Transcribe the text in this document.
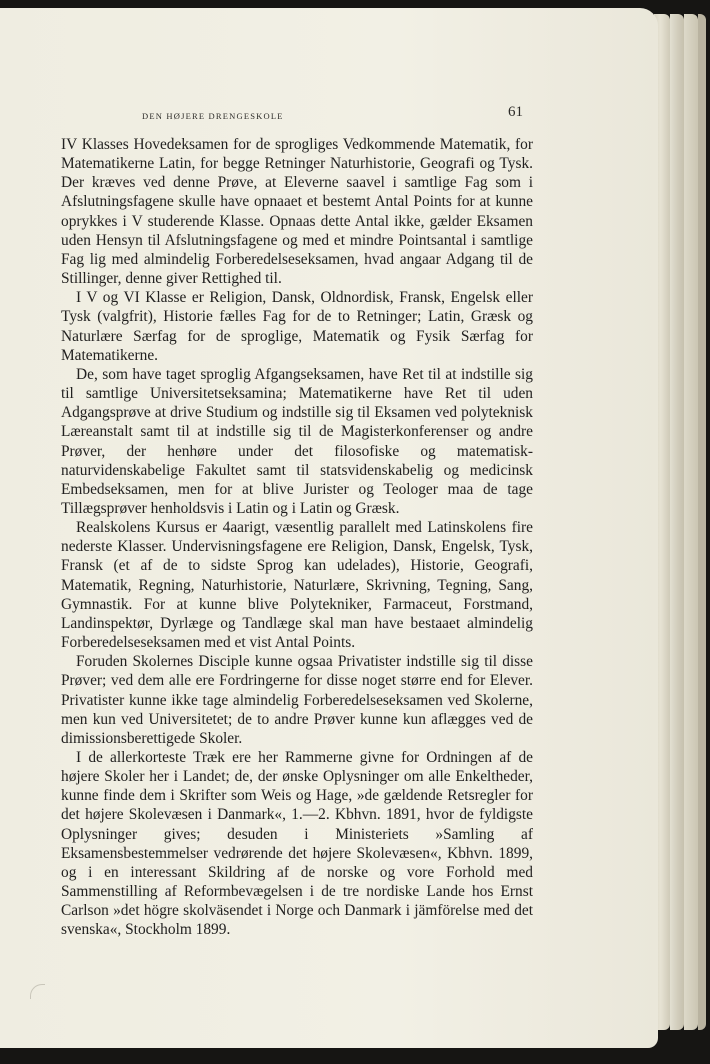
DEN HØJERE DRENGESKOLE	61

IV Klasses Hovedeksamen for de sprogliges Vedkommende Matematik, for Matematikerne Latin, for begge Retninger Naturhistorie, Geografi og Tysk. Der kræves ved denne Prøve, at Eleverne saavel i samtlige Fag som i Afslutningsfagene skulle have opnaaet et bestemt Antal Points for at kunne oprykkes i V studerende Klasse. Opnaas dette Antal ikke, gælder Eksamen uden Hensyn til Afslutningsfagene og med et mindre Pointsantal i samtlige Fag lig med almindelig Forberedelseseksamen, hvad angaar Adgang til de Stillinger, denne giver Rettighed til.

I V og VI Klasse er Religion, Dansk, Oldnordisk, Fransk, Engelsk eller Tysk (valgfrit), Historie fælles Fag for de to Retninger; Latin, Græsk og Naturlære Særfag for de sproglige, Matematik og Fysik Særfag for Matematikerne.

De, som have taget sproglig Afgangseksamen, have Ret til at indstille sig til samtlige Universitetseksamina; Matematikerne have Ret til uden Adgangsprøve at drive Studium og indstille sig til Eksamen ved polyteknisk Læreanstalt samt til at indstille sig til de Magisterkonferenser og andre Prøver, der henhøre under det filosofiske og matematisk-naturvidenskabelige Fakultet samt til statsvidenskabelig og medicinsk Embedseksamen, men for at blive Jurister og Teologer maa de tage Tillægsprøver henholdsvis i Latin og i Latin og Græsk.

Realskolens Kursus er 4aarigt, væsentlig parallelt med Latinskolens fire nederste Klasser. Undervisningsfagene ere Religion, Dansk, Engelsk, Tysk, Fransk (et af de to sidste Sprog kan udelades), Historie, Geografi, Matematik, Regning, Naturhistorie, Naturlære, Skrivning, Tegning, Sang, Gymnastik. For at kunne blive Polytekniker, Farmaceut, Forstmand, Landinspektør, Dyrlæge og Tandlæge skal man have bestaaet almindelig Forberedelseseksamen med et vist Antal Points.

Foruden Skolernes Disciple kunne ogsaa Privatister indstille sig til disse Prøver; ved dem alle ere Fordringerne for disse noget større end for Elever. Privatister kunne ikke tage almindelig Forberedelseseksamen ved Skolerne, men kun ved Universitetet; de to andre Prøver kunne kun aflægges ved de dimissionsberettigede Skoler.

I de allerkorteste Træk ere her Rammerne givne for Ordningen af de højere Skoler her i Landet; de, der ønske Oplysninger om alle Enkeltheder, kunne finde dem i Skrifter som Weis og Hage, »de gældende Retsregler for det højere Skolevæsen i Danmark«, 1.—2. Kbhvn. 1891, hvor de fyldigste Oplysninger gives; desuden i Ministeriets »Samling af Eksamensbestemmelser vedrørende det højere Skolevæsen«, Kbhvn. 1899, og i en interessant Skildring af de norske og vore Forhold med Sammenstilling af Reformbevægelsen i de tre nordiske Lande hos Ernst Carlson »det högre skolväsendet i Norge och Danmark i jämförelse med det svenska«, Stockholm 1899.
